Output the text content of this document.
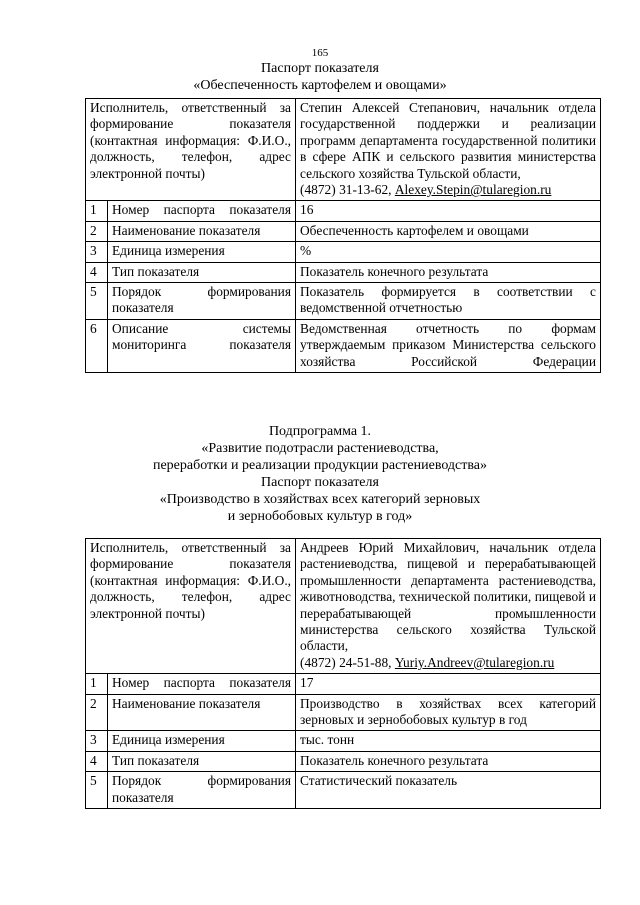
165
Паспорт показателя
«Обеспеченность картофелем и овощами»
Исполнитель, ответственный за формирование показателя (контактная информация: Ф.И.О., должность, телефон, адрес электронной почты)		Степин Алексей Степанович, начальник отдела государственной поддержки и реализации программ департамента государственной политики в сфере АПК и сельского развития министерства сельского хозяйства Тульской области,
(4872) 31-13-62, Alexey.Stepin@tularegion.ru
1	Номер паспорта показателя	16
2	Наименование показателя	Обеспеченность картофелем и овощами
3	Единица измерения	%
4	Тип показателя	Показатель конечного результата
5	Порядок формирования показателя	Показатель формируется в соответствии с ведомственной отчетностью
6	Описание системы мониторинга показателя	Ведомственная отчетность по формам утверждаемым приказом Министерства сельского хозяйства Российской Федерации
Подпрограмма 1.
«Развитие подотрасли растениеводства,
переработки и реализации продукции растениеводства»
Паспорт показателя
«Производство в хозяйствах всех категорий зерновых
и зернобобовых культур в год»
Исполнитель, ответственный за формирование показателя (контактная информация: Ф.И.О., должность, телефон, адрес электронной почты)		Андреев Юрий Михайлович, начальник отдела растениеводства, пищевой и перерабатывающей промышленности департамента растениеводства, животноводства, технической политики, пищевой и перерабатывающей промышленности министерства сельского хозяйства Тульской области,
(4872) 24-51-88, Yuriy.Andreev@tularegion.ru
1	Номер паспорта показателя	17
2	Наименование показателя	Производство в хозяйствах всех категорий зерновых и зернобобовых культур в год
3	Единица измерения	тыс. тонн
4	Тип показателя	Показатель конечного результата
5	Порядок формирования показателя	Статистический показатель
